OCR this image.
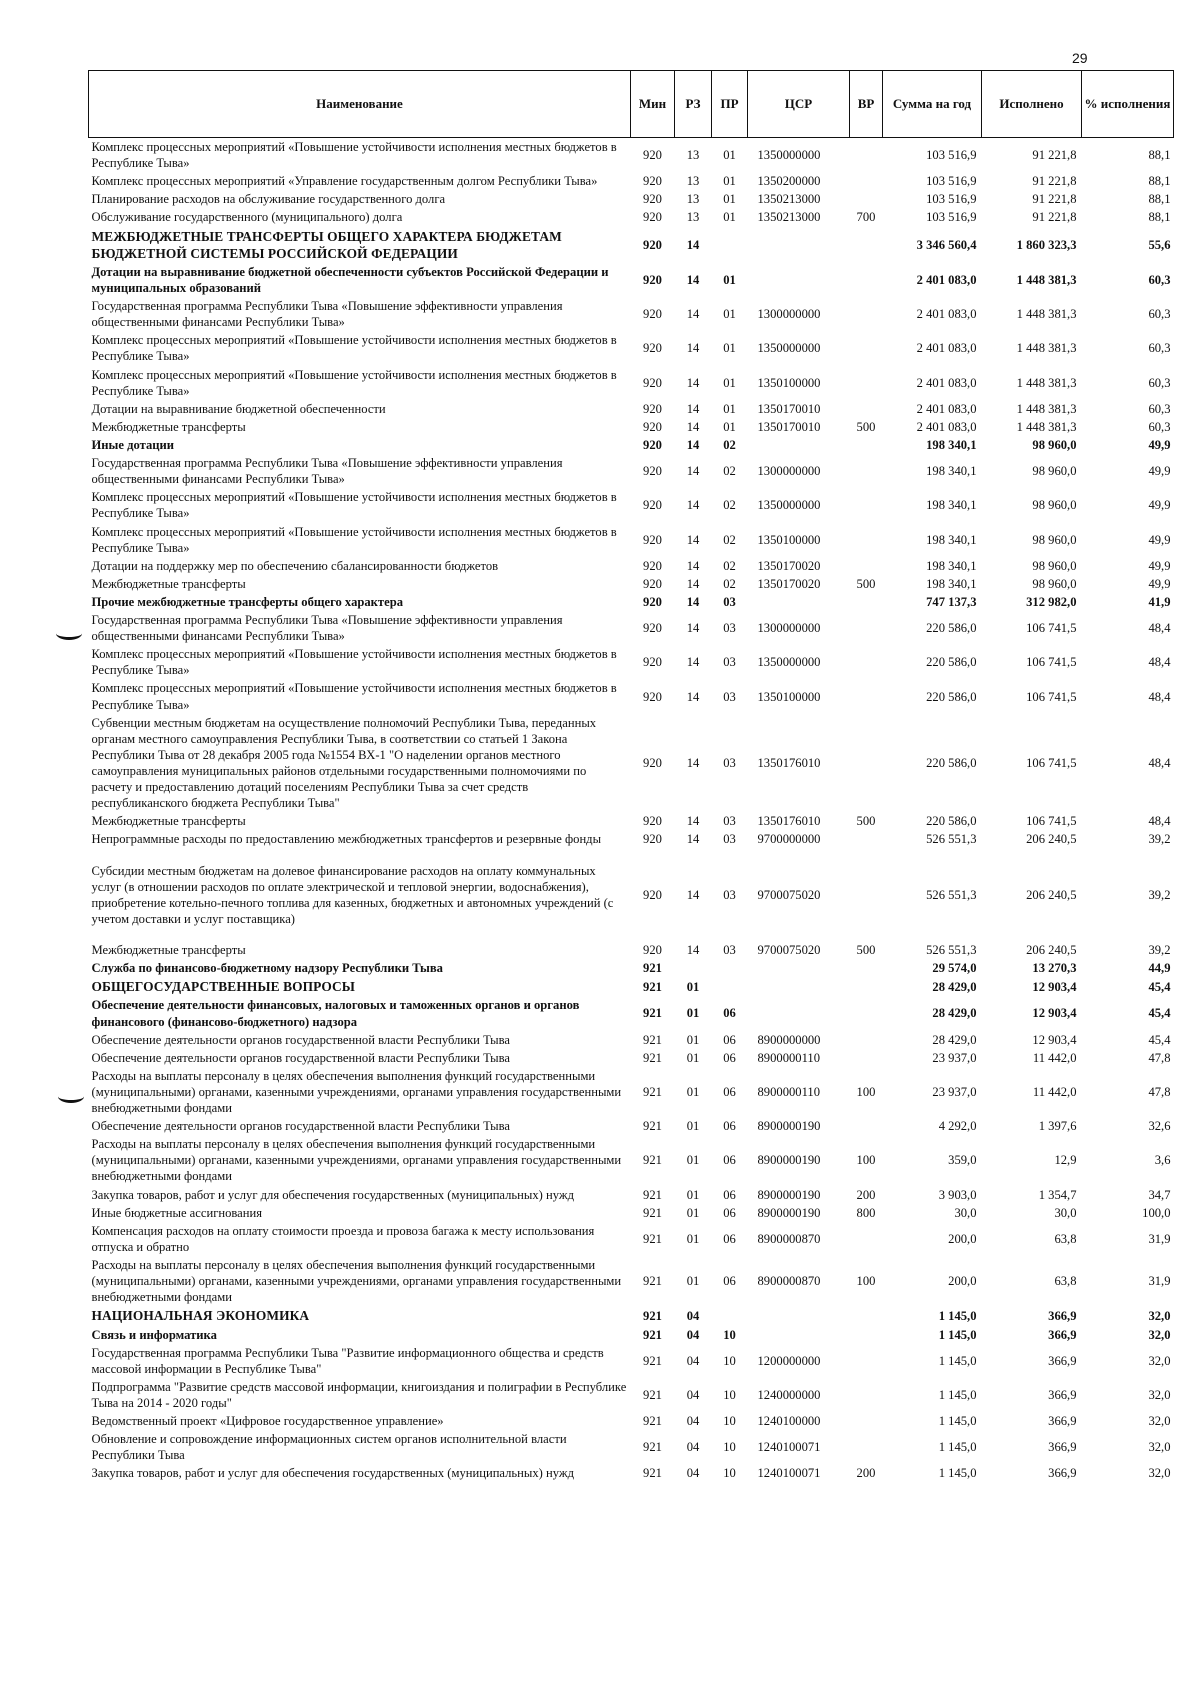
29
Наименование	Мин	РЗ	ПР	ЦСР	ВР	Сумма на год	Исполнено	% исполнения
Комплекс процессных мероприятий «Повышение устойчивости исполнения местных бюджетов в Республике Тыва»	920	13	01	1350000000		103 516,9	91 221,8	88,1
Комплекс процессных мероприятий «Управление государственным долгом Республики Тыва»	920	13	01	1350200000		103 516,9	91 221,8	88,1
Планирование расходов на обслуживание государственного долга	920	13	01	1350213000		103 516,9	91 221,8	88,1
Обслуживание государственного (муниципального) долга	920	13	01	1350213000	700	103 516,9	91 221,8	88,1
МЕЖБЮДЖЕТНЫЕ ТРАНСФЕРТЫ ОБЩЕГО ХАРАКТЕРА БЮДЖЕТАМ БЮДЖЕТНОЙ СИСТЕМЫ РОССИЙСКОЙ ФЕДЕРАЦИИ	920	14				3 346 560,4	1 860 323,3	55,6
Дотации на выравнивание бюджетной обеспеченности субъектов Российской Федерации и муниципальных образований	920	14	01			2 401 083,0	1 448 381,3	60,3
Государственная программа Республики Тыва «Повышение эффективности управления общественными финансами Республики Тыва»	920	14	01	1300000000		2 401 083,0	1 448 381,3	60,3
Комплекс процессных мероприятий «Повышение устойчивости исполнения местных бюджетов в Республике Тыва»	920	14	01	1350000000		2 401 083,0	1 448 381,3	60,3
Комплекс процессных мероприятий «Повышение устойчивости исполнения местных бюджетов в Республике Тыва»	920	14	01	1350100000		2 401 083,0	1 448 381,3	60,3
Дотации на выравнивание бюджетной обеспеченности	920	14	01	1350170010		2 401 083,0	1 448 381,3	60,3
Межбюджетные трансферты	920	14	01	1350170010	500	2 401 083,0	1 448 381,3	60,3
Иные дотации	920	14	02			198 340,1	98 960,0	49,9
Государственная программа Республики Тыва «Повышение эффективности управления общественными финансами Республики Тыва»	920	14	02	1300000000		198 340,1	98 960,0	49,9
Комплекс процессных мероприятий «Повышение устойчивости исполнения местных бюджетов в Республике Тыва»	920	14	02	1350000000		198 340,1	98 960,0	49,9
Комплекс процессных мероприятий «Повышение устойчивости исполнения местных бюджетов в Республике Тыва»	920	14	02	1350100000		198 340,1	98 960,0	49,9
Дотации на поддержку мер по обеспечению сбалансированности бюджетов	920	14	02	1350170020		198 340,1	98 960,0	49,9
Межбюджетные трансферты	920	14	02	1350170020	500	198 340,1	98 960,0	49,9
Прочие межбюджетные трансферты общего характера	920	14	03			747 137,3	312 982,0	41,9
Государственная программа Республики Тыва «Повышение эффективности управления общественными финансами Республики Тыва»	920	14	03	1300000000		220 586,0	106 741,5	48,4
Комплекс процессных мероприятий «Повышение устойчивости исполнения местных бюджетов в Республике Тыва»	920	14	03	1350000000		220 586,0	106 741,5	48,4
Комплекс процессных мероприятий «Повышение устойчивости исполнения местных бюджетов в Республике Тыва»	920	14	03	1350100000		220 586,0	106 741,5	48,4
Субвенции местным бюджетам на осуществление полномочий Республики Тыва, переданных органам местного самоуправления Республики Тыва, в соответствии со статьей 1 Закона Республики Тыва от 28 декабря 2005 года №1554 ВХ-1 "О наделении органов местного самоуправления муниципальных районов отдельными государственными полномочиями по расчету и предоставлению дотаций поселениям Республики Тыва за счет средств республиканского бюджета Республики Тыва"	920	14	03	1350176010		220 586,0	106 741,5	48,4
Межбюджетные трансферты	920	14	03	1350176010	500	220 586,0	106 741,5	48,4
Непрограммные расходы по предоставлению межбюджетных трансфертов и резервные фонды	920	14	03	9700000000		526 551,3	206 240,5	39,2
Субсидии местным бюджетам на долевое финансирование расходов на оплату коммунальных услуг (в отношении расходов по оплате электрической и тепловой энергии, водоснабжения), приобретение котельно-печного топлива для казенных, бюджетных и автономных учреждений (с учетом доставки и услуг поставщика)	920	14	03	9700075020		526 551,3	206 240,5	39,2
Межбюджетные трансферты	920	14	03	9700075020	500	526 551,3	206 240,5	39,2
Служба по финансово-бюджетному надзору Республики Тыва	921					29 574,0	13 270,3	44,9
ОБЩЕГОСУДАРСТВЕННЫЕ ВОПРОСЫ	921	01				28 429,0	12 903,4	45,4
Обеспечение деятельности финансовых, налоговых и таможенных органов и органов финансового (финансово-бюджетного) надзора	921	01	06			28 429,0	12 903,4	45,4
Обеспечение деятельности органов государственной власти Республики Тыва	921	01	06	8900000000		28 429,0	12 903,4	45,4
Обеспечение деятельности органов государственной власти Республики Тыва	921	01	06	8900000110		23 937,0	11 442,0	47,8
Расходы на выплаты персоналу в целях обеспечения выполнения функций государственными (муниципальными) органами, казенными учреждениями, органами управления государственными внебюджетными фондами	921	01	06	8900000110	100	23 937,0	11 442,0	47,8
Обеспечение деятельности органов государственной власти Республики Тыва	921	01	06	8900000190		4 292,0	1 397,6	32,6
Расходы на выплаты персоналу в целях обеспечения выполнения функций государственными (муниципальными) органами, казенными учреждениями, органами управления государственными внебюджетными фондами	921	01	06	8900000190	100	359,0	12,9	3,6
Закупка товаров, работ и услуг для обеспечения государственных (муниципальных) нужд	921	01	06	8900000190	200	3 903,0	1 354,7	34,7
Иные бюджетные ассигнования	921	01	06	8900000190	800	30,0	30,0	100,0
Компенсация расходов на оплату стоимости проезда и провоза багажа к месту использования отпуска и обратно	921	01	06	8900000870		200,0	63,8	31,9
Расходы на выплаты персоналу в целях обеспечения выполнения функций государственными (муниципальными) органами, казенными учреждениями, органами управления государственными внебюджетными фондами	921	01	06	8900000870	100	200,0	63,8	31,9
НАЦИОНАЛЬНАЯ ЭКОНОМИКА	921	04				1 145,0	366,9	32,0
Связь и информатика	921	04	10			1 145,0	366,9	32,0
Государственная программа Республики Тыва "Развитие информационного общества и средств массовой информации в Республике Тыва"	921	04	10	1200000000		1 145,0	366,9	32,0
Подпрограмма "Развитие средств массовой информации, книгоиздания и полиграфии в Республике Тыва на 2014 - 2020 годы"	921	04	10	1240000000		1 145,0	366,9	32,0
Ведомственный проект «Цифровое государственное управление»	921	04	10	1240100000		1 145,0	366,9	32,0
Обновление и сопровождение информационных систем органов исполнительной власти Республики Тыва	921	04	10	1240100071		1 145,0	366,9	32,0
Закупка товаров, работ и услуг для обеспечения государственных (муниципальных) нужд	921	04	10	1240100071	200	1 145,0	366,9	32,0
